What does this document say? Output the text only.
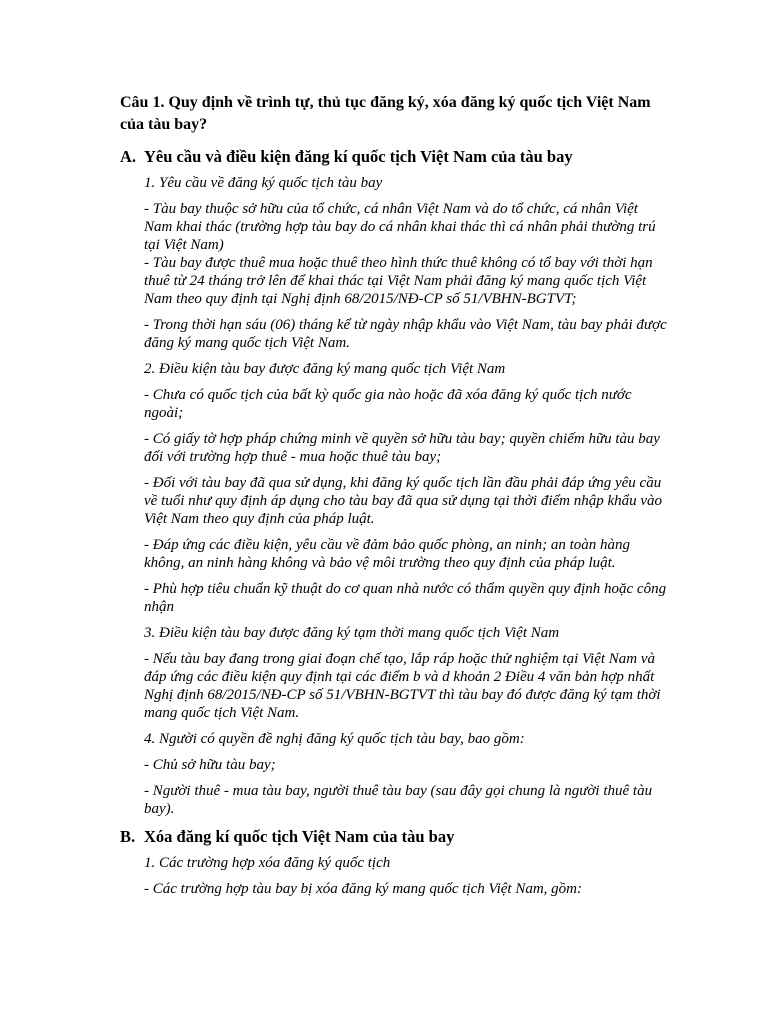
Câu 1. Quy định về trình tự, thủ tục đăng ký, xóa đăng ký quốc tịch Việt Nam của tàu bay?

A. Yêu cầu và điều kiện đăng kí quốc tịch Việt Nam của tàu bay

1. Yêu cầu về đăng ký quốc tịch tàu bay

- Tàu bay thuộc sở hữu của tổ chức, cá nhân Việt Nam và do tổ chức, cá nhân Việt Nam khai thác (trường hợp tàu bay do cá nhân khai thác thì cá nhân phải thường trú tại Việt Nam)

- Tàu bay được thuê mua hoặc thuê theo hình thức thuê không có tổ bay với thời hạn thuê từ 24 tháng trở lên để khai thác tại Việt Nam phải đăng ký mang quốc tịch Việt Nam theo quy định tại Nghị định 68/2015/NĐ-CP số 51/VBHN-BGTVT;

- Trong thời hạn sáu (06) tháng kể từ ngày nhập khẩu vào Việt Nam, tàu bay phải được đăng ký mang quốc tịch Việt Nam.

2. Điều kiện tàu bay được đăng ký mang quốc tịch Việt Nam

- Chưa có quốc tịch của bất kỳ quốc gia nào hoặc đã xóa đăng ký quốc tịch nước ngoài;

- Có giấy tờ hợp pháp chứng minh về quyền sở hữu tàu bay; quyền chiếm hữu tàu bay đối với trường hợp thuê - mua hoặc thuê tàu bay;

- Đối với tàu bay đã qua sử dụng, khi đăng ký quốc tịch lần đầu phải đáp ứng yêu cầu về tuổi như quy định áp dụng cho tàu bay đã qua sử dụng tại thời điểm nhập khẩu vào Việt Nam theo quy định của pháp luật.

- Đáp ứng các điều kiện, yêu cầu về đảm bảo quốc phòng, an ninh; an toàn hàng không, an ninh hàng không và bảo vệ môi trường theo quy định của pháp luật.

- Phù hợp tiêu chuẩn kỹ thuật do cơ quan nhà nước có thẩm quyền quy định hoặc công nhận

3. Điều kiện tàu bay được đăng ký tạm thời mang quốc tịch Việt Nam

- Nếu tàu bay đang trong giai đoạn chế tạo, lắp ráp hoặc thử nghiệm tại Việt Nam và đáp ứng các điều kiện quy định tại các điểm b và d khoản 2 Điều 4 văn bản hợp nhất Nghị định 68/2015/NĐ-CP số 51/VBHN-BGTVT thì tàu bay đó được đăng ký tạm thời mang quốc tịch Việt Nam.

4. Người có quyền đề nghị đăng ký quốc tịch tàu bay, bao gồm:

- Chủ sở hữu tàu bay;

- Người thuê - mua tàu bay, người thuê tàu bay (sau đây gọi chung là người thuê tàu bay).

B. Xóa đăng kí quốc tịch Việt Nam của tàu bay

1. Các trường hợp xóa đăng ký quốc tịch

- Các trường hợp tàu bay bị xóa đăng ký mang quốc tịch Việt Nam, gồm:
